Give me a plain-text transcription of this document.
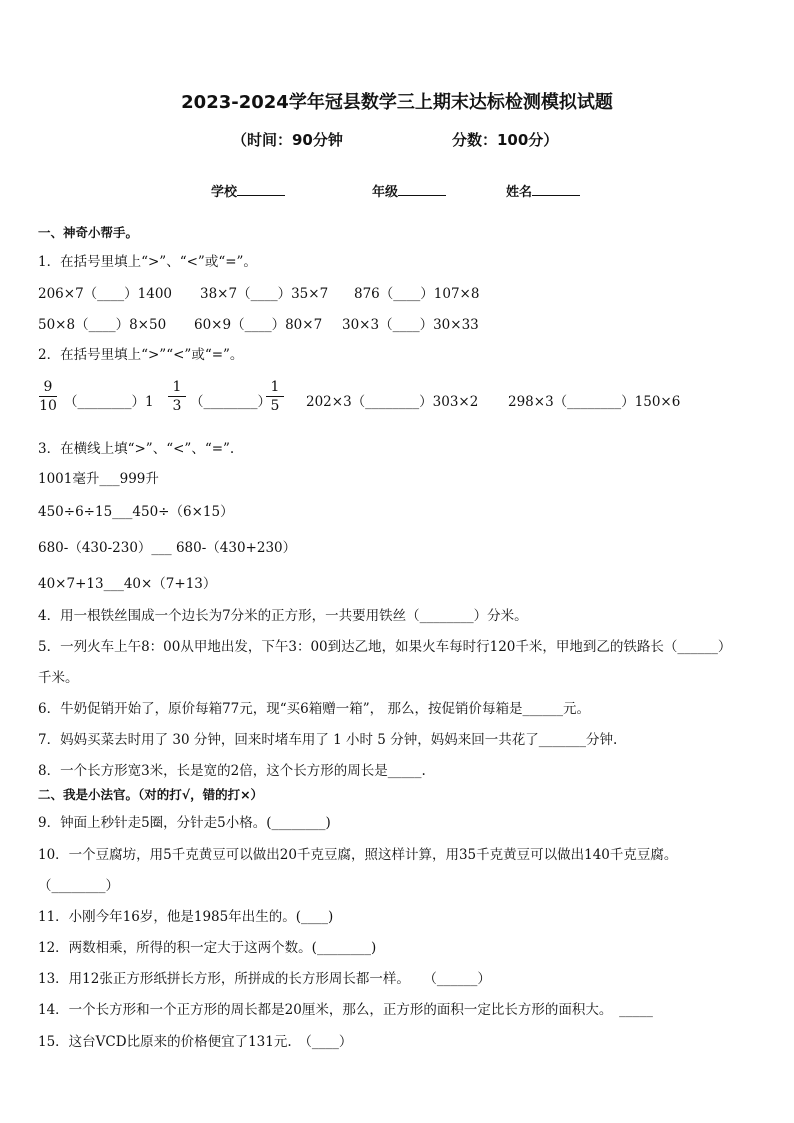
2023-2024学年冠县数学三上期末达标检测模拟试题
（时间：90分钟	分数：100分）
学校	年级	姓名
一、神奇小帮手。
1．在括号里填上“>”、“<”或“=”。
206×7（____）1400 38×7（____）35×7 876（____）107×8
50×8（____）8×50 60×9（____）80×7 30×3（____）30×33
2．在括号里填上“>”“<”或“=”。
9
10 （________）1
1
3 （________）
1
5	202×3（________）303×2 298×3（________）150×6
3．在横线上填“>”、“<”、“=”.
1001毫升___999升
450÷6÷15___450÷（6×15）
680-（430-230）___ 680-（430+230）
40×7+13___40×（7+13）
4．用一根铁丝围成一个边长为7分米的正方形，一共要用铁丝（________）分米。
5．一列火车上午8：00从甲地出发，下午3：00到达乙地，如果火车每时行120千米，甲地到乙的铁路长（______）
千米。
6．牛奶促销开始了，原价每箱77元，现“买6箱赠一箱”， 那么，按促销价每箱是______元。
7．妈妈买菜去时用了 30 分钟，回来时堵车用了 1 小时 5 分钟，妈妈来回一共花了_______分钟.
8．一个长方形宽3米，长是宽的2倍，这个长方形的周长是_____.
二、我是小法官。（对的打√，错的打×）
9．钟面上秒针走5圈，分针走5小格。(________)
10．一个豆腐坊，用5千克黄豆可以做出20千克豆腐，照这样计算，用35千克黄豆可以做出140千克豆腐。
（________）
11．小刚今年16岁，他是1985年出生的。(____)
12．两数相乘，所得的积一定大于这两个数。(________)
13．用12张正方形纸拼长方形，所拼成的长方形周长都一样。　　（______）
14．一个长方形和一个正方形的周长都是20厘米，那么，正方形的面积一定比长方形的面积大。　_____
15．这台VCD比原来的价格便宜了131元.　（____）
